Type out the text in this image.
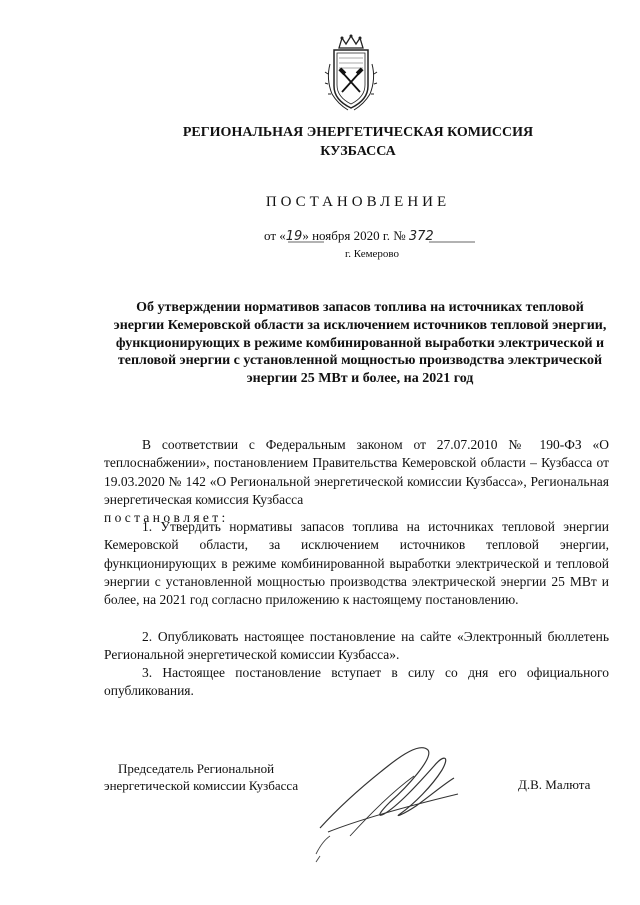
РЕГИОНАЛЬНАЯ ЭНЕРГЕТИЧЕСКАЯ КОМИССИЯ
КУЗБАССА
ПОСТАНОВЛЕНИЕ
от «19» ноября 2020 г. № 372
г. Кемерово

Об утверждении нормативов запасов топлива на источниках тепловой энергии Кемеровской области за исключением источников тепловой энергии, функционирующих в режиме комбинированной выработки электрической и тепловой энергии с установленной мощностью производства электрической энергии 25 МВт и более, на 2021 год

В соответствии с Федеральным законом от 27.07.2010 № 190-ФЗ «О теплоснабжении», постановлением Правительства Кемеровской области – Кузбасса от 19.03.2020 № 142 «О Региональной энергетической комиссии Кузбасса», Региональная энергетическая комиссия Кузбасса
п о с т а н о в л я е т :

1. Утвердить нормативы запасов топлива на источниках тепловой энергии Кемеровской области, за исключением источников тепловой энергии, функционирующих в режиме комбинированной выработки электрической и тепловой энергии с установленной мощностью производства электрической энергии 25 МВт и более, на 2021 год согласно приложению к настоящему постановлению.

2. Опубликовать настоящее постановление на сайте «Электронный бюллетень Региональной энергетической комиссии Кузбасса».

3. Настоящее постановление вступает в силу со дня его официального опубликования.

Председатель Региональной
энергетической комиссии Кузбасса	Д.В. Малюта
